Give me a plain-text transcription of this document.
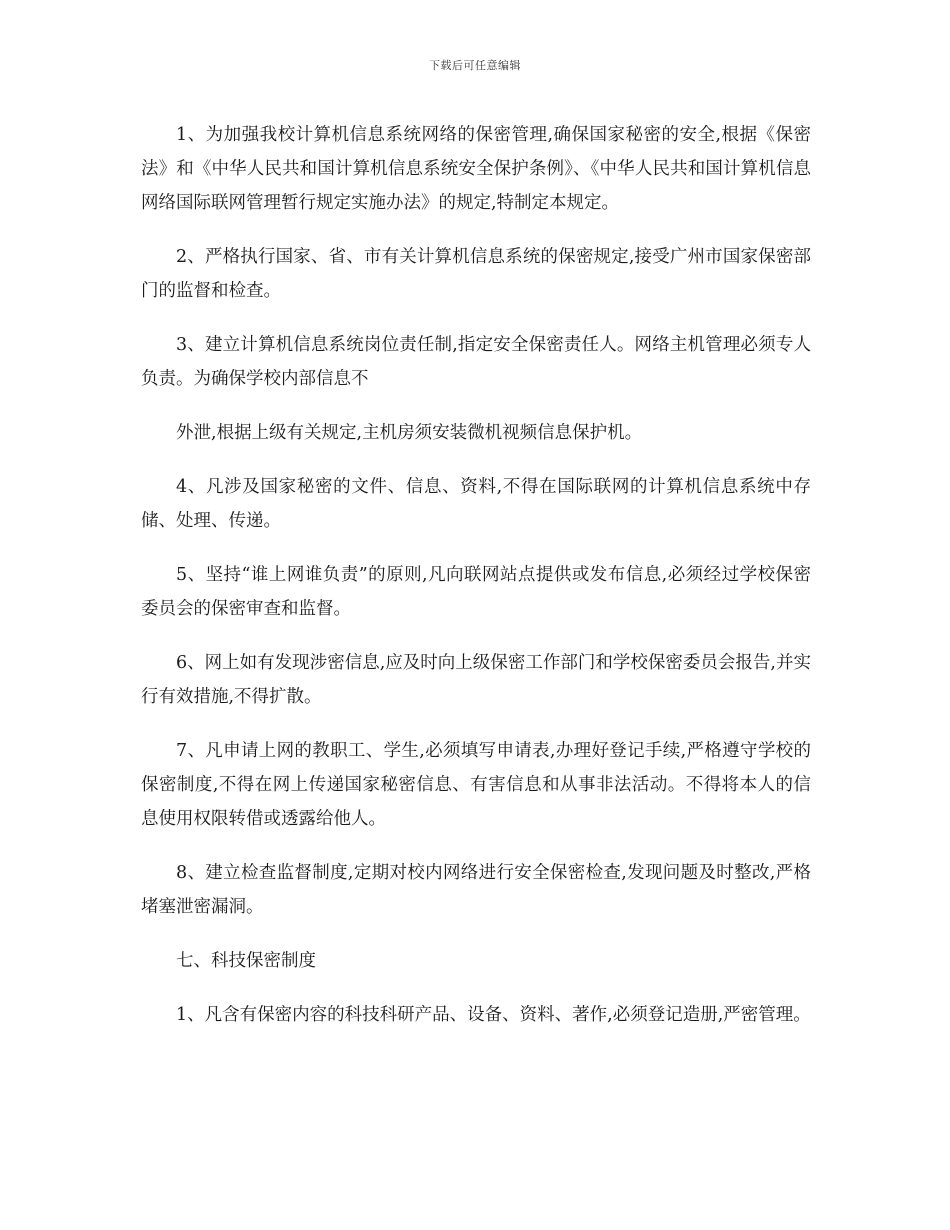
下载后可任意编辑

1、为加强我校计算机信息系统网络的保密管理,确保国家秘密的安全,根据《保密法》和《中华人民共和国计算机信息系统安全保护条例》、《中华人民共和国计算机信息网络国际联网管理暂行规定实施办法》的规定,特制定本规定。

2、严格执行国家、省、市有关计算机信息系统的保密规定,接受广州市国家保密部门的监督和检查。

3、建立计算机信息系统岗位责任制,指定安全保密责任人。网络主机管理必须专人负责。为确保学校内部信息不

外泄,根据上级有关规定,主机房须安装微机视频信息保护机。

4、凡涉及国家秘密的文件、信息、资料,不得在国际联网的计算机信息系统中存储、处理、传递。

5、坚持“谁上网谁负责”的原则,凡向联网站点提供或发布信息,必须经过学校保密委员会的保密审查和监督。

6、网上如有发现涉密信息,应及时向上级保密工作部门和学校保密委员会报告,并实行有效措施,不得扩散。

7、凡申请上网的教职工、学生,必须填写申请表,办理好登记手续,严格遵守学校的保密制度,不得在网上传递国家秘密信息、有害信息和从事非法活动。不得将本人的信息使用权限转借或透露给他人。

8、建立检查监督制度,定期对校内网络进行安全保密检查,发现问题及时整改,严格堵塞泄密漏洞。

七、科技保密制度

1、凡含有保密内容的科技科研产品、设备、资料、著作,必须登记造册,严密管理。
